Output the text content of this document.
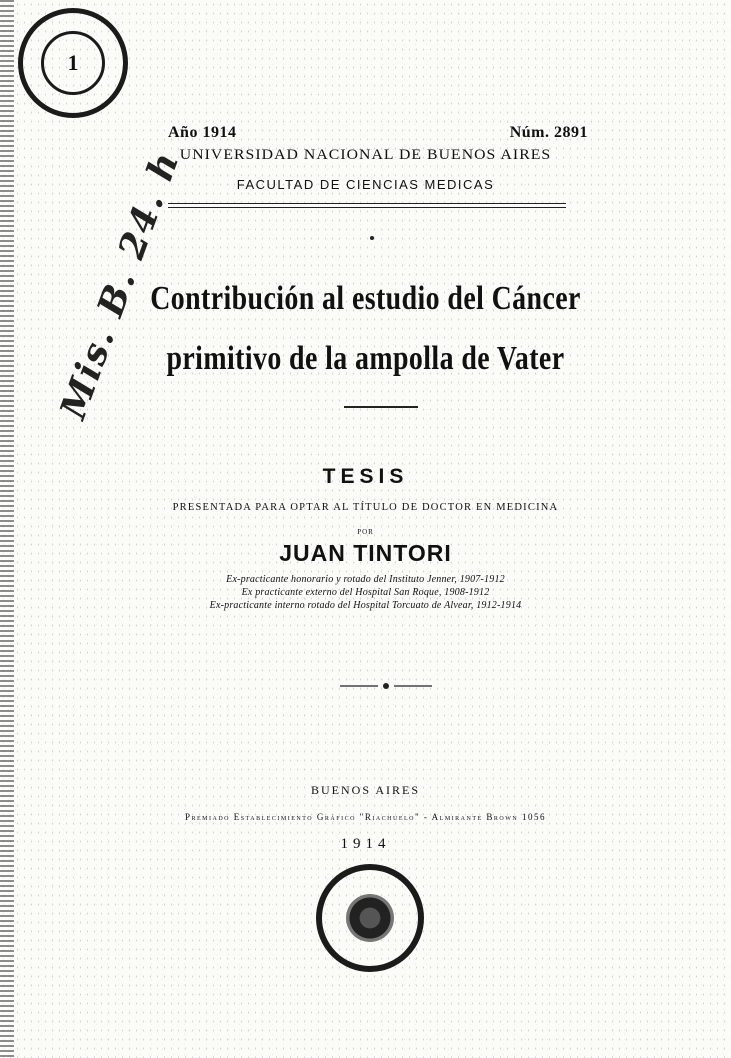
1
Mis. B. 24. h
Año 1914	Núm. 2891
UNIVERSIDAD NACIONAL DE BUENOS AIRES
FACULTAD DE CIENCIAS MEDICAS
Contribución al estudio del Cáncer
primitivo de la ampolla de Vater
TESIS
PRESENTADA PARA OPTAR AL TÍTULO DE DOCTOR EN MEDICINA
POR
JUAN TINTORI
Ex-practicante honorario y rotado del Instituto Jenner, 1907-1912
Ex practicante externo del Hospital San Roque, 1908-1912
Ex-practicante interno rotado del Hospital Torcuato de Alvear, 1912-1914
BUENOS AIRES
Premiado Establecimiento Gráfico "Riachuelo" - Almirante Brown 1056
1914
